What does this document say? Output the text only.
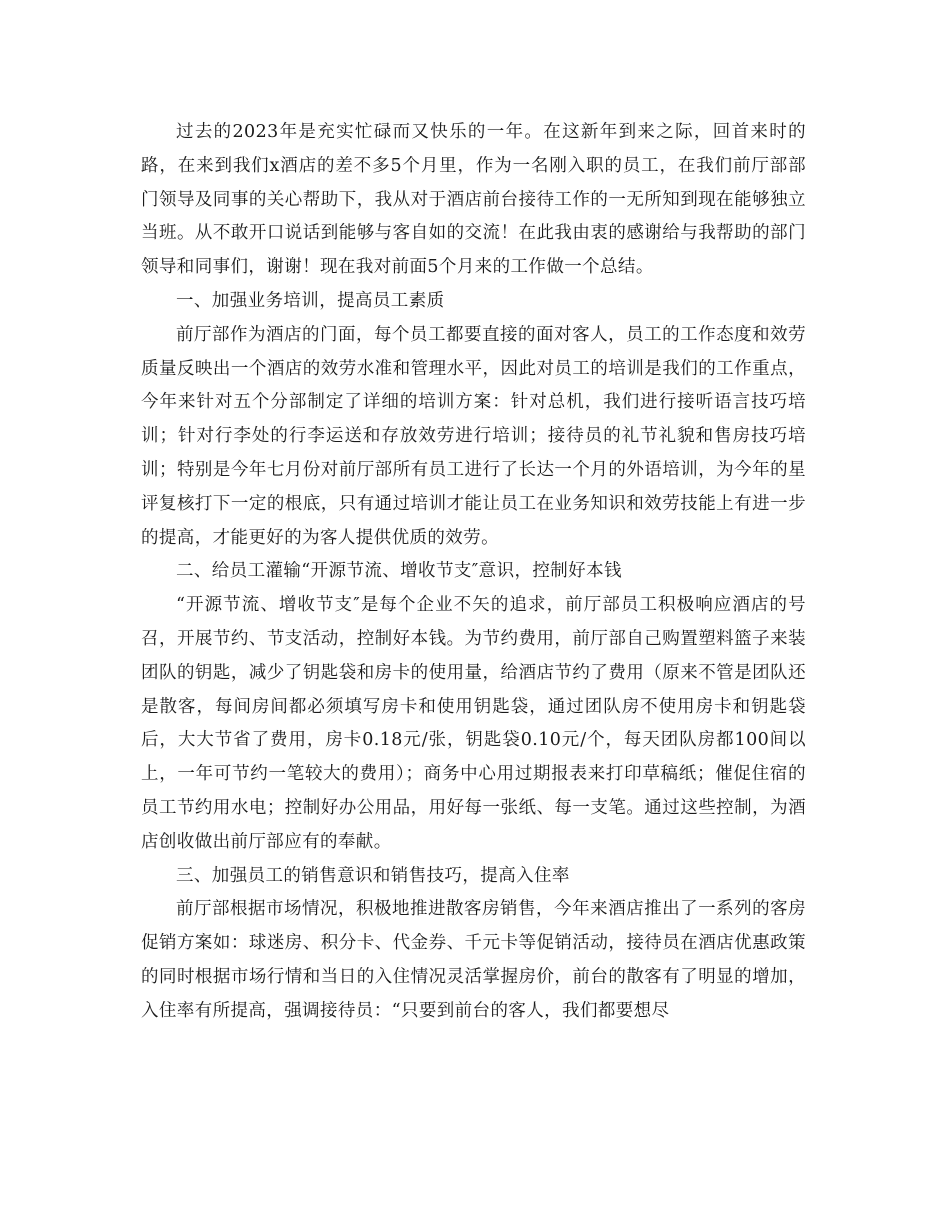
过去的2023年是充实忙碌而又快乐的一年。在这新年到来之际，回首来时的路，在来到我们x酒店的差不多5个月里，作为一名刚入职的员工，在我们前厅部部门领导及同事的关心帮助下，我从对于酒店前台接待工作的一无所知到现在能够独立当班。从不敢开口说话到能够与客自如的交流！在此我由衷的感谢给与我帮助的部门领导和同事们，谢谢！现在我对前面5个月来的工作做一个总结。

一、加强业务培训，提高员工素质

前厅部作为酒店的门面，每个员工都要直接的面对客人，员工的工作态度和效劳质量反映出一个酒店的效劳水准和管理水平，因此对员工的培训是我们的工作重点，今年来针对五个分部制定了详细的培训方案：针对总机，我们进行接听语言技巧培训；针对行李处的行李运送和存放效劳进行培训；接待员的礼节礼貌和售房技巧培训；特别是今年七月份对前厅部所有员工进行了长达一个月的外语培训，为今年的星评复核打下一定的根底，只有通过培训才能让员工在业务知识和效劳技能上有进一步的提高，才能更好的为客人提供优质的效劳。

二、给员工灌输“开源节流、增收节支″意识，控制好本钱

“开源节流、增收节支″是每个企业不矢的追求，前厅部员工积极响应酒店的号召，开展节约、节支活动，控制好本钱。为节约费用，前厅部自己购置塑料篮子来装团队的钥匙，减少了钥匙袋和房卡的使用量，给酒店节约了费用（原来不管是团队还是散客，每间房间都必须填写房卡和使用钥匙袋，通过团队房不使用房卡和钥匙袋后，大大节省了费用，房卡0.18元/张，钥匙袋0.10元/个，每天团队房都100间以上，一年可节约一笔较大的费用）；商务中心用过期报表来打印草稿纸；催促住宿的员工节约用水电；控制好办公用品，用好每一张纸、每一支笔。通过这些控制，为酒店创收做出前厅部应有的奉献。

三、加强员工的销售意识和销售技巧，提高入住率

前厅部根据市场情况，积极地推进散客房销售，今年来酒店推出了一系列的客房促销方案如：球迷房、积分卡、代金券、千元卡等促销活动，接待员在酒店优惠政策的同时根据市场行情和当日的入住情况灵活掌握房价，前台的散客有了明显的增加，入住率有所提高，强调接待员：“只要到前台的客人，我们都要想尽
